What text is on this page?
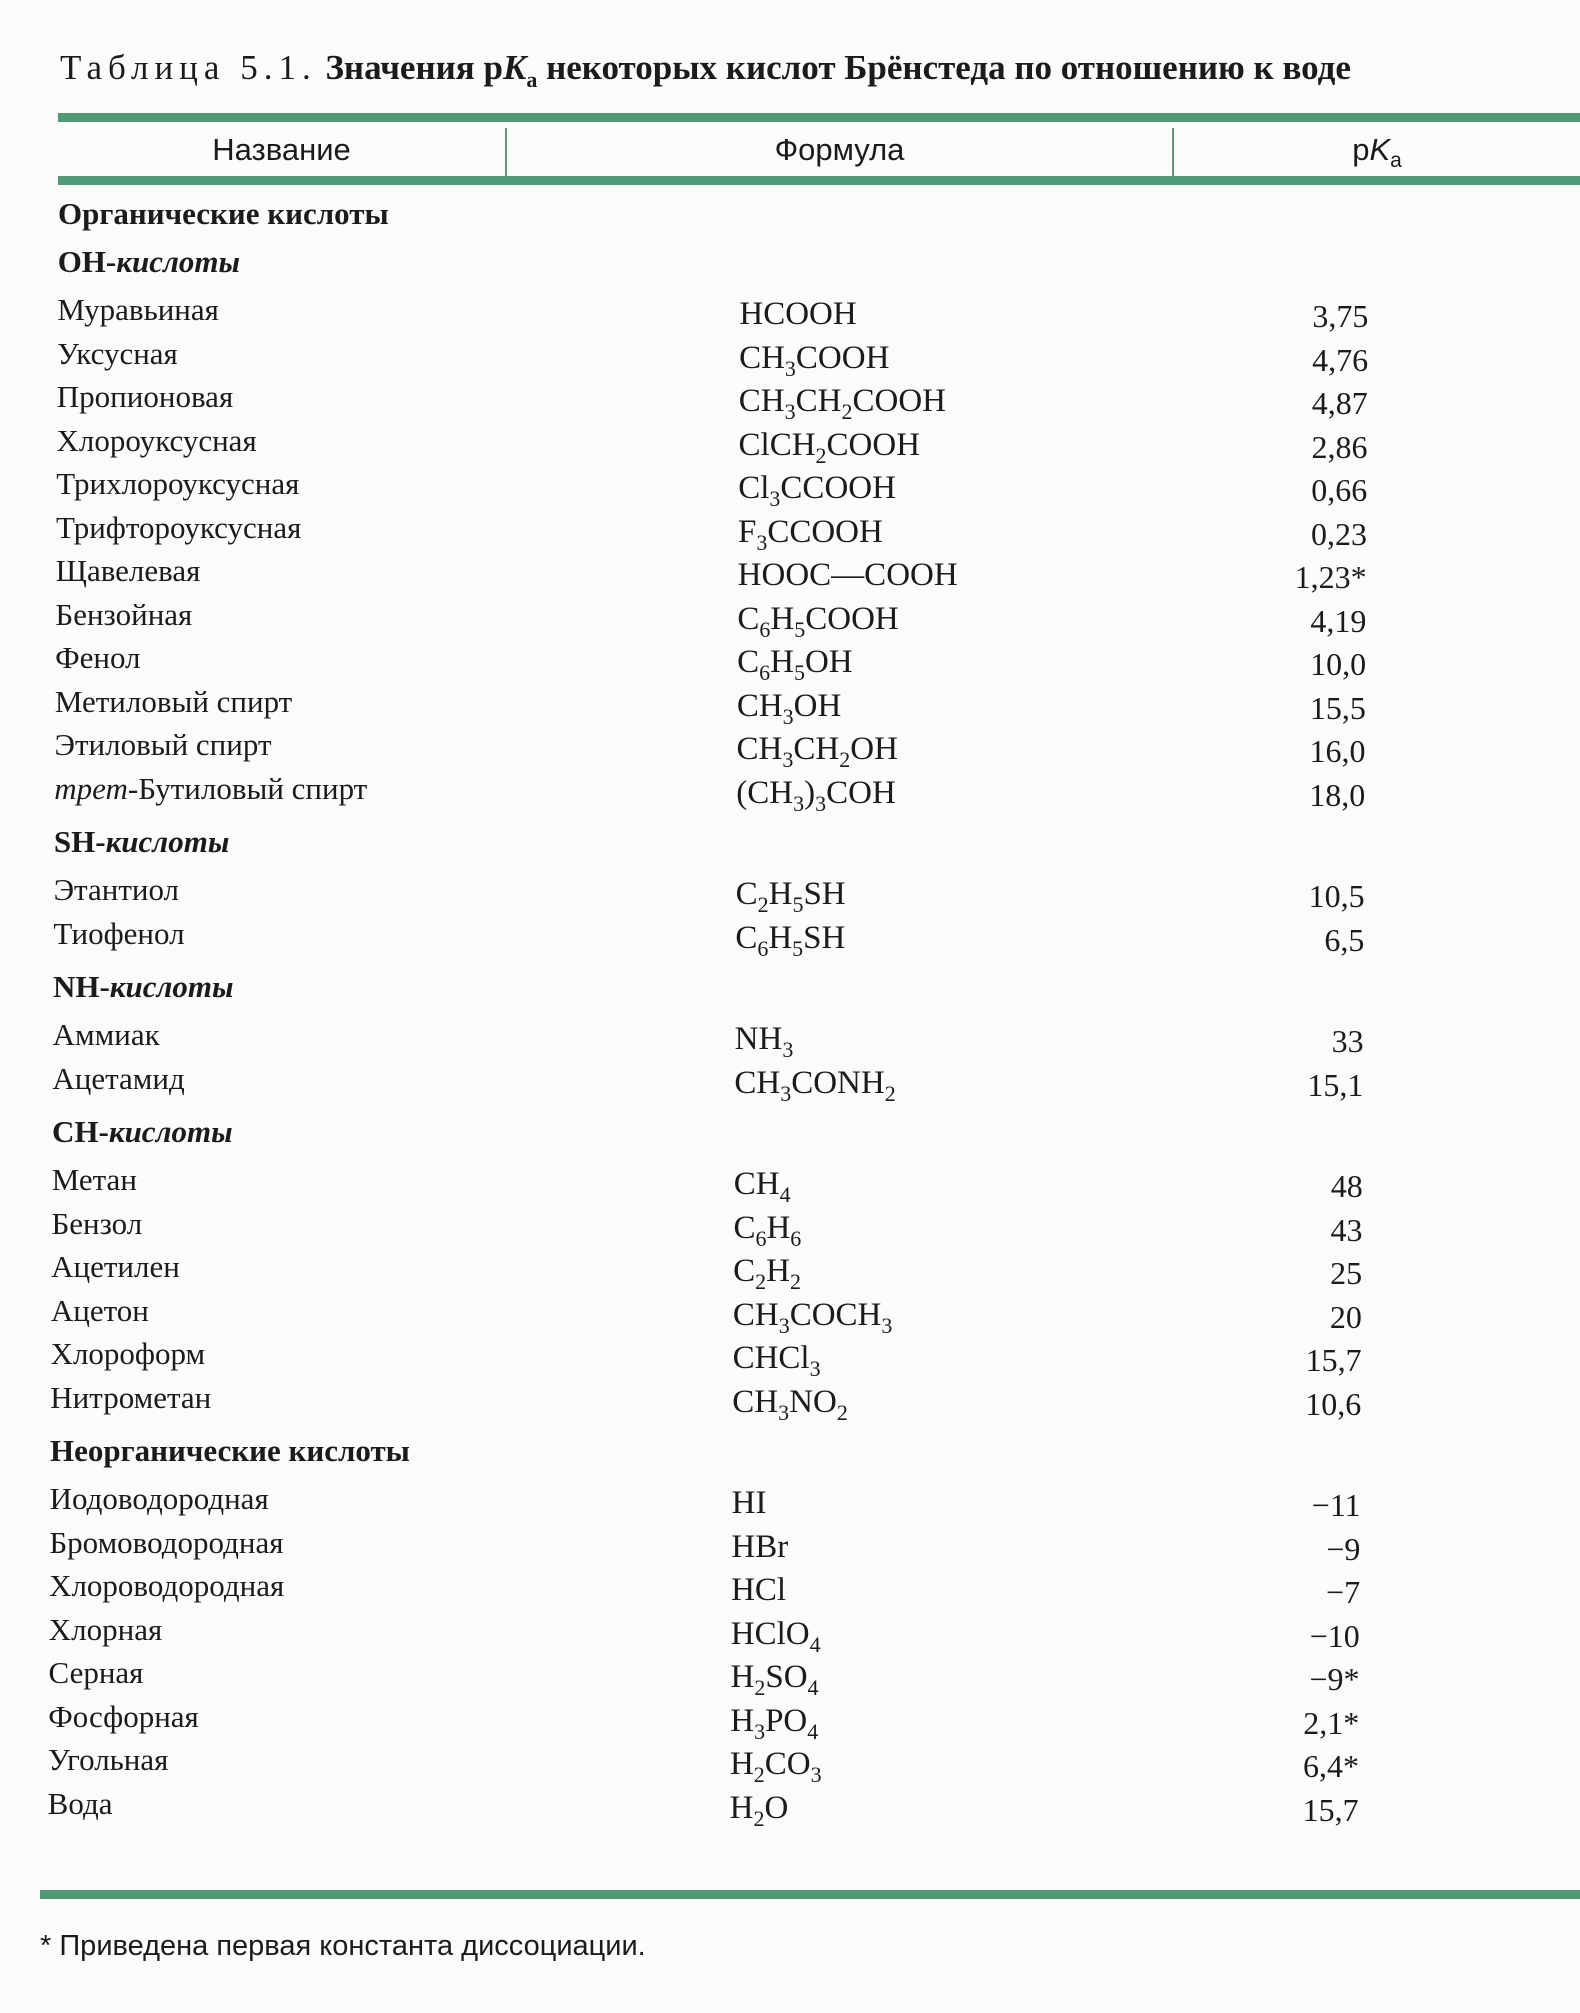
Таблица 5.1. Значения $pK_a$ некоторых кислот Брёнстеда по отношению к воде
Название	Формула	$pK_a$
Органические кислоты
OH-кислоты
Муравьиная	HCOOH	3,75
Уксусная	$CH_3COOH$	4,76
Пропионовая	$CH_3CH_2COOH$	4,87
Хлороуксусная	ClCH$_2$COOH	2,86
Трихлороуксусная	$Cl_3CCOOH$	0,66
Трифтороуксусная	$F_3CCOOH$	0,23
Щавелевая	HOOC—COOH	1,23*
Бензойная	$C_6H_5COOH$	4,19
Фенол	$C_6H_5OH$	10,0
Метиловый спирт	$CH_3OH$	15,5
Этиловый спирт	$CH_3CH_2OH$	16,0
трет-Бутиловый спирт	$(CH_3)_3COH$	18,0
SH-кислоты
Этантиол	$C_2H_5SH$	10,5
Тиофенол	$C_6H_5SH$	6,5
NH-кислоты
Аммиак	$NH_3$	33
Ацетамид	$CH_3CONH_2$	15,1
CH-кислоты
Метан	$CH_4$	48
Бензол	$C_6H_6$	43
Ацетилен	$C_2H_2$	25
Ацетон	$CH_3COCH_3$	20
Хлороформ	CHCl$_3$	15,7
Нитрометан	$CH_3NO_2$	10,6
Неорганические кислоты
Иодоводородная	HI	−11
Бромоводородная	HBr	−9
Хлороводородная	HCl	−7
Хлорная	HClO$_4$	−10
Серная	$H_2SO_4$	−9*
Фосфорная	$H_3PO_4$	2,1*
Угольная	$H_2CO_3$	6,4*
Вода	$H_2O$	15,7
* Приведена первая константа диссоциации.
